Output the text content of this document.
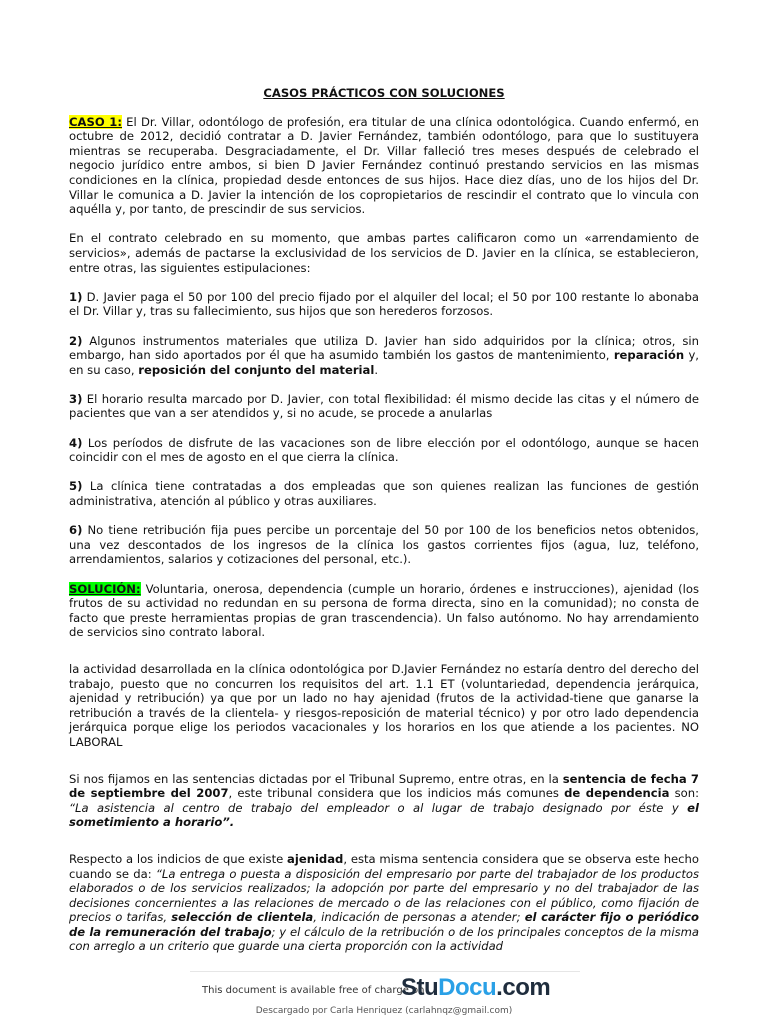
CASOS PRÁCTICOS CON SOLUCIONES

CASO 1: El Dr. Villar, odontólogo de profesión, era titular de una clínica odontológica. Cuando enfermó, en octubre de 2012, decidió contratar a D. Javier Fernández, también odontólogo, para que lo sustituyera mientras se recuperaba. Desgraciadamente, el Dr. Villar falleció tres meses después de celebrado el negocio jurídico entre ambos, si bien D Javier Fernández continuó prestando servicios en las mismas condiciones en la clínica, propiedad desde entonces de sus hijos. Hace diez días, uno de los hijos del Dr. Villar le comunica a D. Javier la intención de los copropietarios de rescindir el contrato que lo vincula con aquélla y, por tanto, de prescindir de sus servicios.

En el contrato celebrado en su momento, que ambas partes calificaron como un «arrendamiento de servicios», además de pactarse la exclusividad de los servicios de D. Javier en la clínica, se establecieron, entre otras, las siguientes estipulaciones:

1) D. Javier paga el 50 por 100 del precio fijado por el alquiler del local; el 50 por 100 restante lo abonaba el Dr. Villar y, tras su fallecimiento, sus hijos que son herederos forzosos.

2) Algunos instrumentos materiales que utiliza D. Javier han sido adquiridos por la clínica; otros, sin embargo, han sido aportados por él que ha asumido también los gastos de mantenimiento, reparación y, en su caso, reposición del conjunto del material.

3) El horario resulta marcado por D. Javier, con total flexibilidad: él mismo decide las citas y el número de pacientes que van a ser atendidos y, si no acude, se procede a anularlas

4) Los períodos de disfrute de las vacaciones son de libre elección por el odontólogo, aunque se hacen coincidir con el mes de agosto en el que cierra la clínica.

5) La clínica tiene contratadas a dos empleadas que son quienes realizan las funciones de gestión administrativa, atención al público y otras auxiliares.

6) No tiene retribución fija pues percibe un porcentaje del 50 por 100 de los beneficios netos obtenidos, una vez descontados de los ingresos de la clínica los gastos corrientes fijos (agua, luz, teléfono, arrendamientos, salarios y cotizaciones del personal, etc.).

SOLUCIÓN: Voluntaria, onerosa, dependencia (cumple un horario, órdenes e instrucciones), ajenidad (los frutos de su actividad no redundan en su persona de forma directa, sino en la comunidad); no consta de facto que preste herramientas propias de gran trascendencia). Un falso autónomo. No hay arrendamiento de servicios sino contrato laboral.

la actividad desarrollada en la clínica odontológica por D.Javier Fernández no estaría dentro del derecho del trabajo, puesto que no concurren los requisitos del art. 1.1 ET (voluntariedad, dependencia jerárquica, ajenidad y retribución) ya que por un lado no hay ajenidad (frutos de la actividad-tiene que ganarse la retribución a través de la clientela- y riesgos-reposición de material técnico) y por otro lado dependencia jerárquica porque elige los periodos vacacionales y los horarios en los que atiende a los pacientes. NO LABORAL

Si nos fijamos en las sentencias dictadas por el Tribunal Supremo, entre otras, en la sentencia de fecha 7 de septiembre del 2007, este tribunal considera que los indicios más comunes de dependencia son: “La asistencia al centro de trabajo del empleador o al lugar de trabajo designado por éste y el sometimiento a horario”.

Respecto a los indicios de que existe ajenidad, esta misma sentencia considera que se observa este hecho cuando se da: “La entrega o puesta a disposición del empresario por parte del trabajador de los productos elaborados o de los servicios realizados; la adopción por parte del empresario y no del trabajador de las decisiones concernientes a las relaciones de mercado o de las relaciones con el público, como fijación de precios o tarifas, selección de clientela, indicación de personas a atender; el carácter fijo o periódico de la remuneración del trabajo; y el cálculo de la retribución o de los principales conceptos de la misma con arreglo a un criterio que guarde una cierta proporción con la actividad

This document is available free of charge on
StuDocu.com
Descargado por Carla Henriquez (carlahnqz@gmail.com)
